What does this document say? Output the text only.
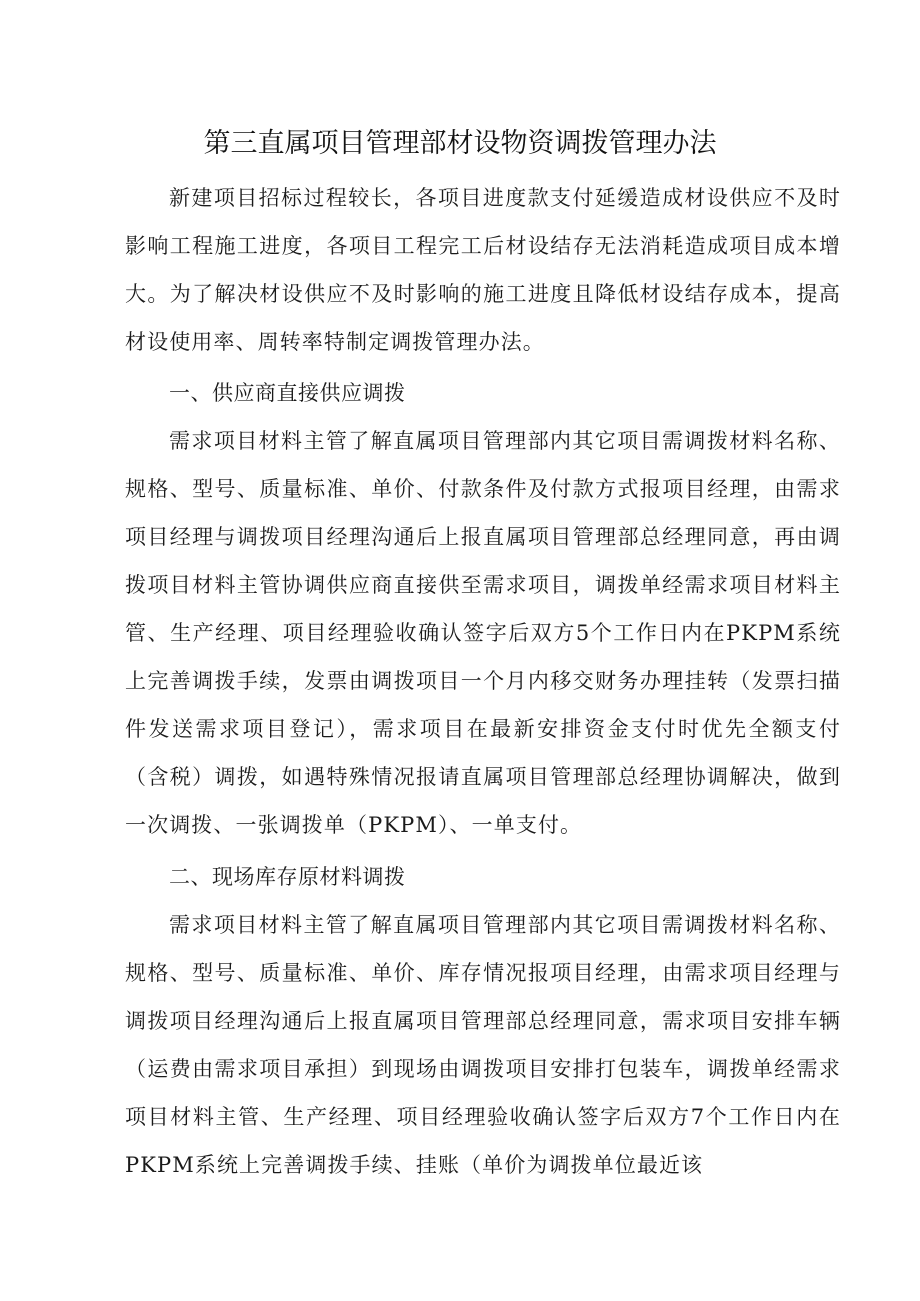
第三直属项目管理部材设物资调拨管理办法

新建项目招标过程较长，各项目进度款支付延缓造成材设供应不及时影响工程施工进度，各项目工程完工后材设结存无法消耗造成项目成本增大。为了解决材设供应不及时影响的施工进度且降低材设结存成本，提高材设使用率、周转率特制定调拨管理办法。

一、供应商直接供应调拨

需求项目材料主管了解直属项目管理部内其它项目需调拨材料名称、规格、型号、质量标准、单价、付款条件及付款方式报项目经理，由需求项目经理与调拨项目经理沟通后上报直属项目管理部总经理同意，再由调拨项目材料主管协调供应商直接供至需求项目，调拨单经需求项目材料主管、生产经理、项目经理验收确认签字后双方5个工作日内在PKPM系统上完善调拨手续，发票由调拨项目一个月内移交财务办理挂转（发票扫描件发送需求项目登记），需求项目在最新安排资金支付时优先全额支付（含税）调拨，如遇特殊情况报请直属项目管理部总经理协调解决，做到一次调拨、一张调拨单（PKPM）、一单支付。

二、现场库存原材料调拨

需求项目材料主管了解直属项目管理部内其它项目需调拨材料名称、规格、型号、质量标准、单价、库存情况报项目经理，由需求项目经理与调拨项目经理沟通后上报直属项目管理部总经理同意，需求项目安排车辆（运费由需求项目承担）到现场由调拨项目安排打包装车，调拨单经需求项目材料主管、生产经理、项目经理验收确认签字后双方7个工作日内在PKPM系统上完善调拨手续、挂账（单价为调拨单位最近该
